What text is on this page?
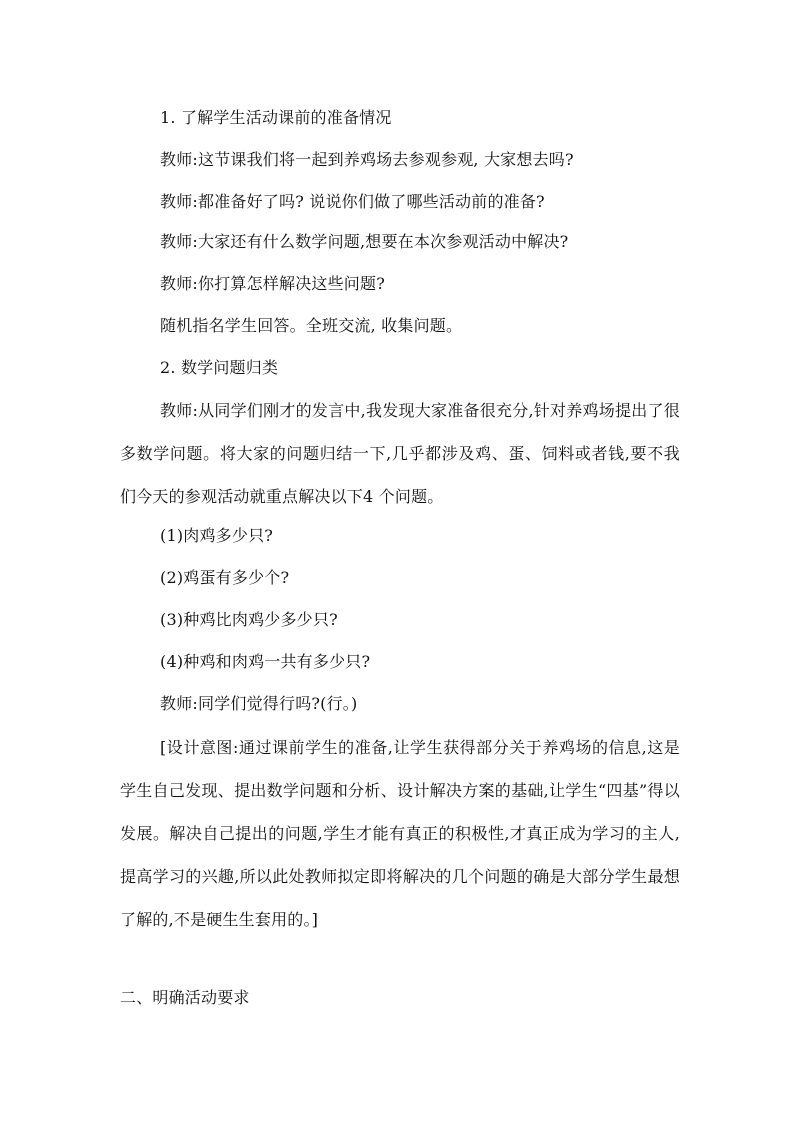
1. 了解学生活动课前的准备情况
教师:这节课我们将一起到养鸡场去参观参观, 大家想去吗?
教师:都准备好了吗? 说说你们做了哪些活动前的准备?
教师:大家还有什么数学问题,想要在本次参观活动中解决?
教师:你打算怎样解决这些问题?
随机指名学生回答。全班交流, 收集问题。
2. 数学问题归类
教师:从同学们刚才的发言中,我发现大家准备很充分,针对养鸡场提出了很多数学问题。将大家的问题归结一下,几乎都涉及鸡、蛋、饲料或者钱,要不我们今天的参观活动就重点解决以下4 个问题。
(1)肉鸡多少只?
(2)鸡蛋有多少个?
(3)种鸡比肉鸡少多少只?
(4)种鸡和肉鸡一共有多少只?
教师:同学们觉得行吗?(行。)
[设计意图:通过课前学生的准备,让学生获得部分关于养鸡场的信息,这是学生自己发现、提出数学问题和分析、设计解决方案的基础,让学生“四基”得以发展。解决自己提出的问题,学生才能有真正的积极性,才真正成为学习的主人,提高学习的兴趣,所以此处教师拟定即将解决的几个问题的确是大部分学生最想了解的,不是硬生生套用的。]
二、明确活动要求
